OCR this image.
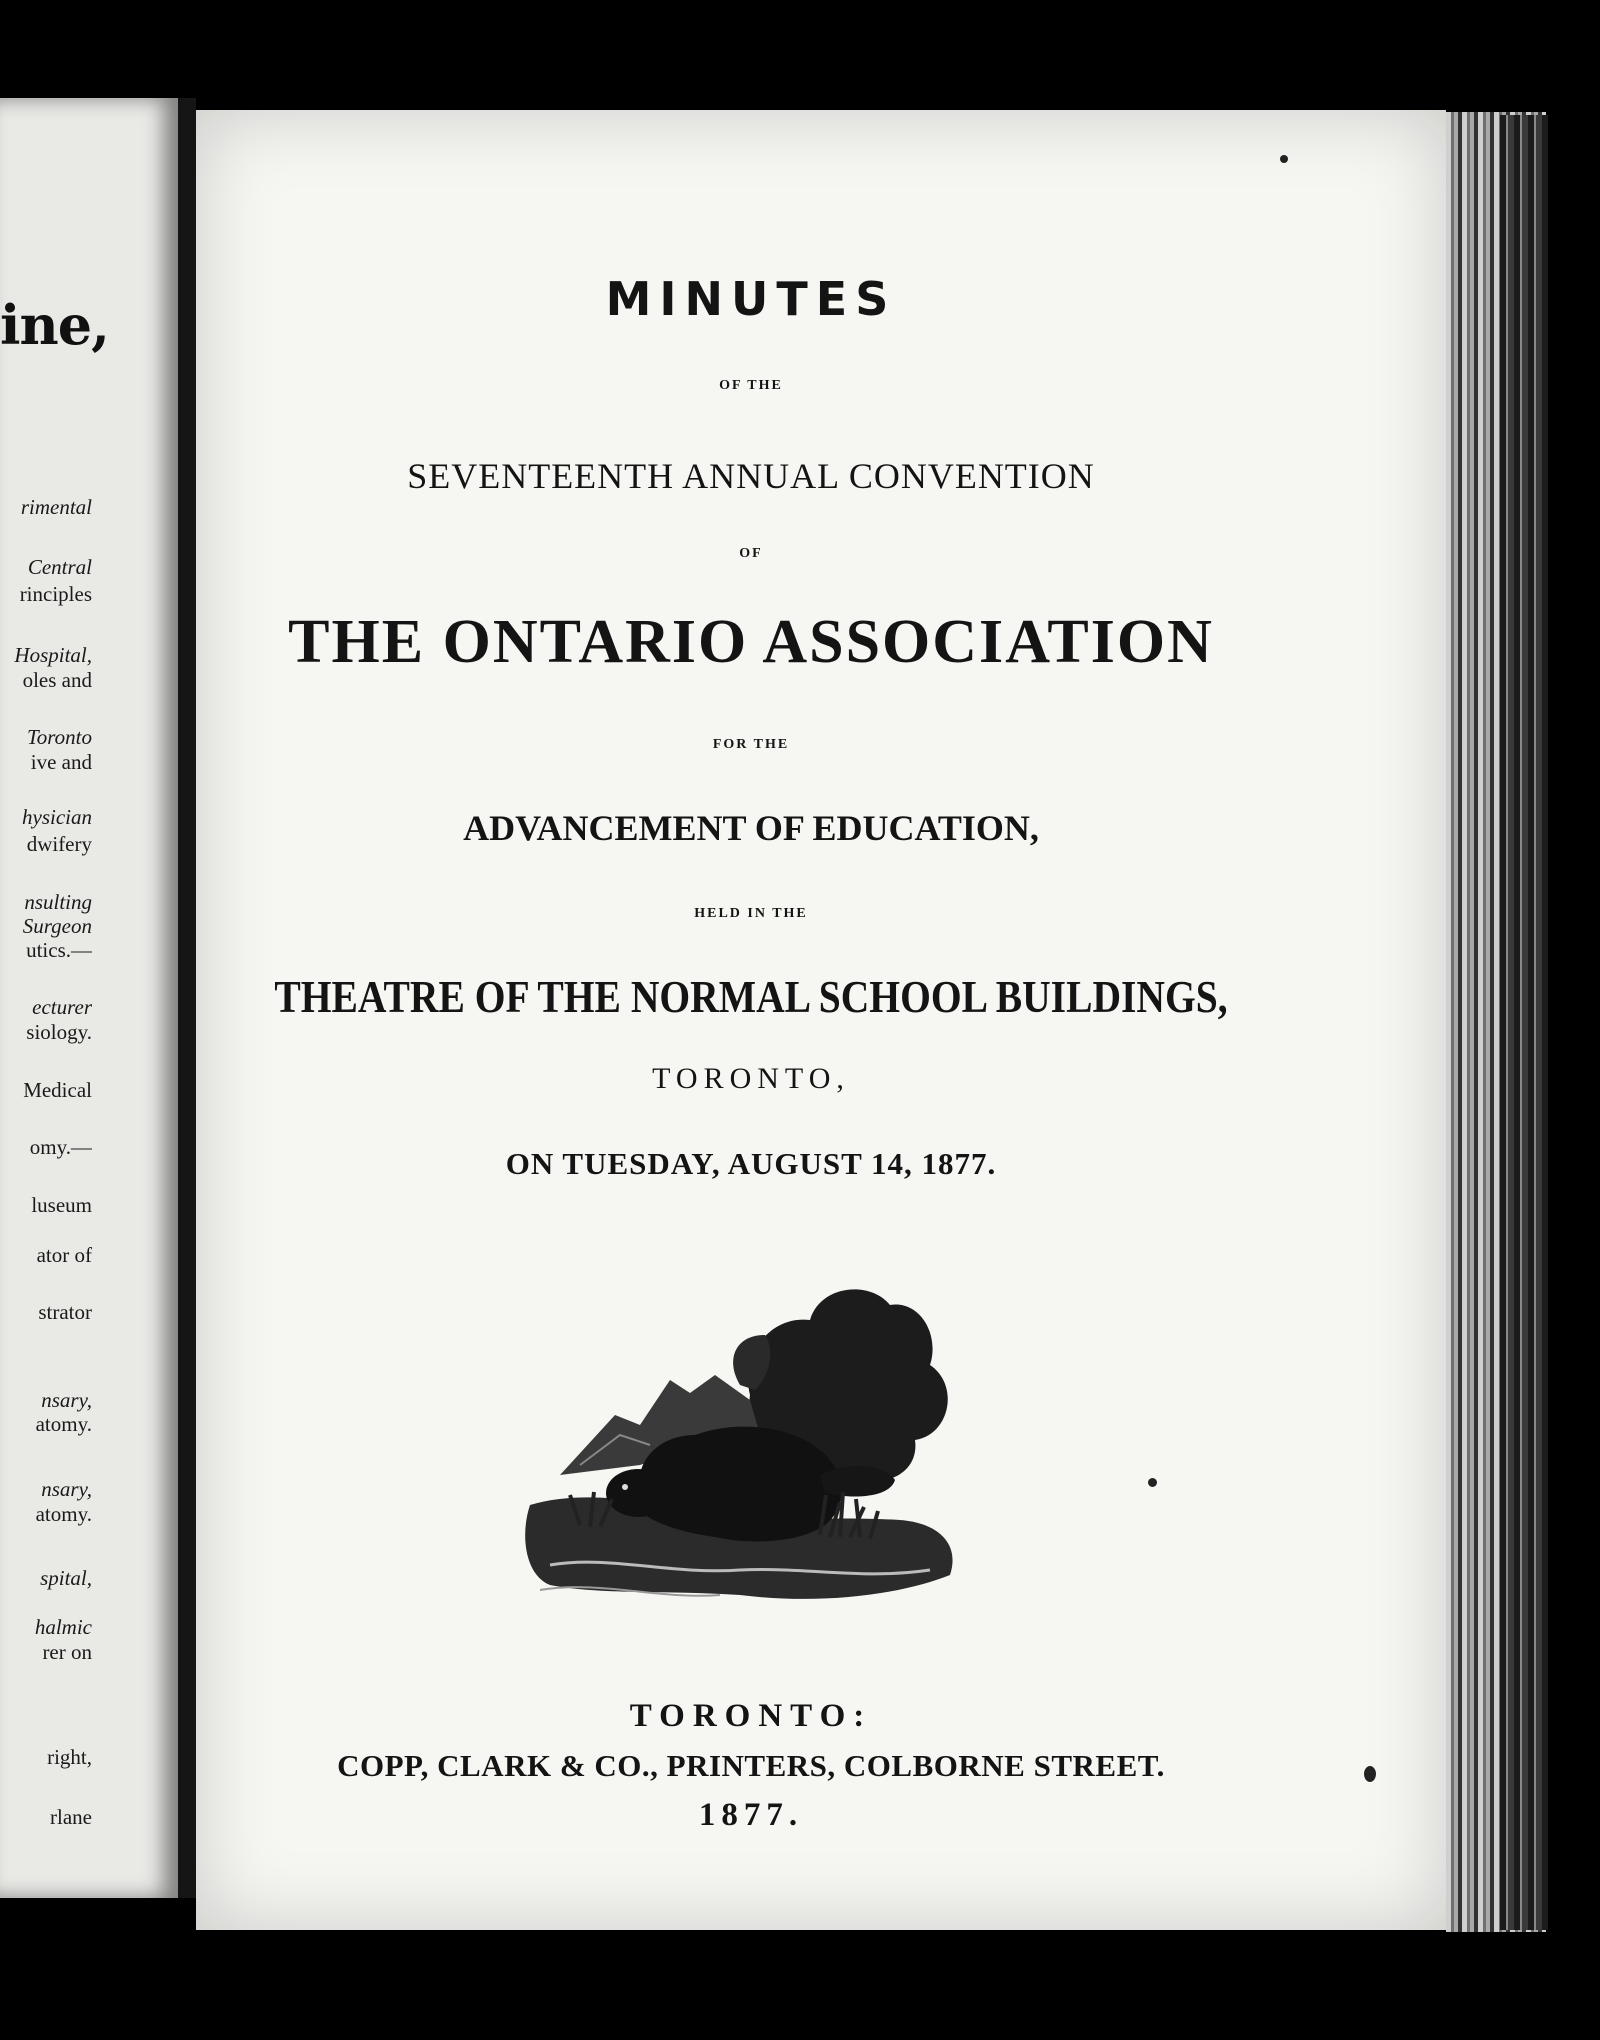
ine,
rimental
Central
rinciples
Hospital,
oles and
Toronto
ive and
hysician
dwifery
nsulting
Surgeon
utics.—
ecturer
siology.
Medical
omy.—
luseum
ator of
strator
nsary,
atomy.
nsary,
atomy.
spital,
halmic
rer on
right,
rlane
MINUTES
OF THE
SEVENTEENTH ANNUAL CONVENTION
OF
THE ONTARIO ASSOCIATION
FOR THE
ADVANCEMENT OF EDUCATION,
HELD IN THE
THEATRE OF THE NORMAL SCHOOL BUILDINGS,
TORONTO,
ON TUESDAY, AUGUST 14, 1877.
TORONTO:
COPP, CLARK & CO., PRINTERS, COLBORNE STREET.
1877.
